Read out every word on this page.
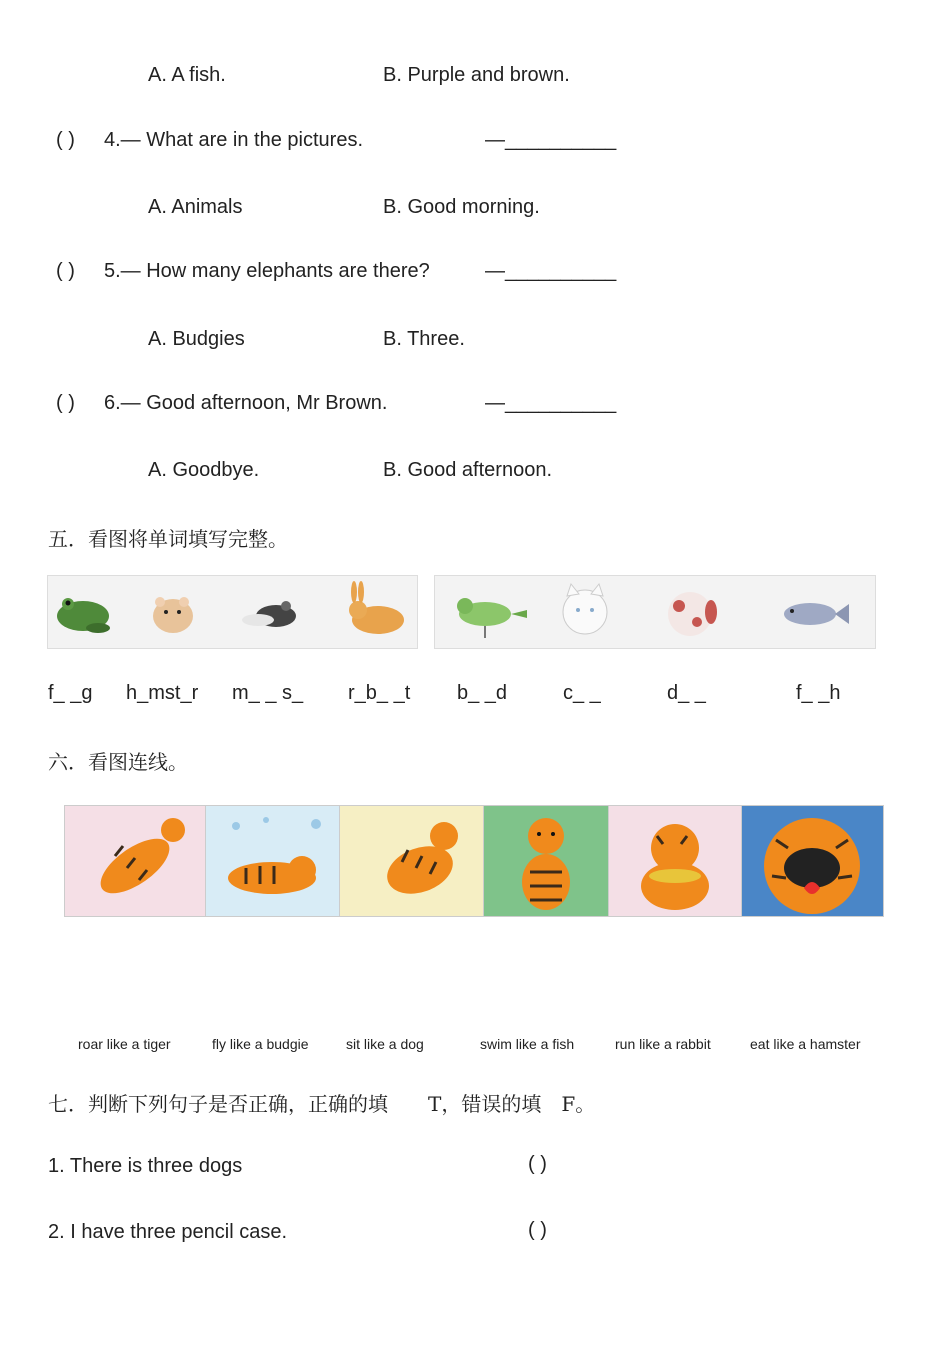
A. A fish.	B. Purple and brown.
( ) 4.— What are in the pictures.	—__________
A. Animals	B. Good morning.
( ) 5.— How many elephants are there?	—__________
A. Budgies	B. Three.
( ) 6.— Good afternoon, Mr Brown.	—__________
A. Goodbye.	B. Good afternoon.
五．看图将单词填写完整。
f_ _g h_mst_r m_ _ s_ r_b_ _t b_ _d	c_ _	d_ _	f_ _h
六．看图连线。
roar like a tiger	fly like a budgie	sit like a dog	swim like a fish	run like a rabbit	eat like a hamster
七．判断下列句子是否正确，正确的填　　T，错误的填　F。
1. There is three dogs	( )
2. I have three pencil case.	( )
